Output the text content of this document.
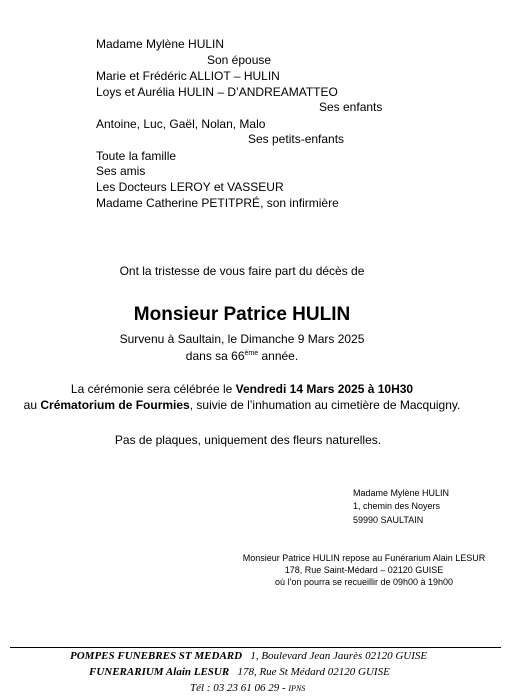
Madame Mylène HULIN
Son épouse
Marie et Frédéric ALLIOT – HULIN
Loys et Aurélia HULIN – D’ANDREAMATTEO
Ses enfants
Antoine, Luc, Gaël, Nolan, Malo
Ses petits-enfants
Toute la famille
Ses amis
Les Docteurs LEROY et VASSEUR
Madame Catherine PETITPRÉ, son infirmière
Ont la tristesse de vous faire part du décès de
Monsieur Patrice HULIN
Survenu à Saultain, le Dimanche 9 Mars 2025
dans sa 66ème année.
La cérémonie sera célébrée le Vendredi 14 Mars 2025 à 10H30
au Crématorium de Fourmies, suivie de l’inhumation au cimetière de Macquigny.
Pas de plaques, uniquement des fleurs naturelles.
Madame Mylène HULIN
1, chemin des Noyers
59990 SAULTAIN
Monsieur Patrice HULIN repose au Funérarium Alain LESUR
178, Rue Saint-Médard – 02120 GUISE
où l’on pourra se recueillir de 09h00 à 19h00
POMPES FUNEBRES ST MEDARD 1, Boulevard Jean Jaurès 02120 GUISE
FUNERARIUM Alain LESUR 178, Rue St Médard 02120 GUISE
Tél : 03 23 61 06 29 - IPNS
